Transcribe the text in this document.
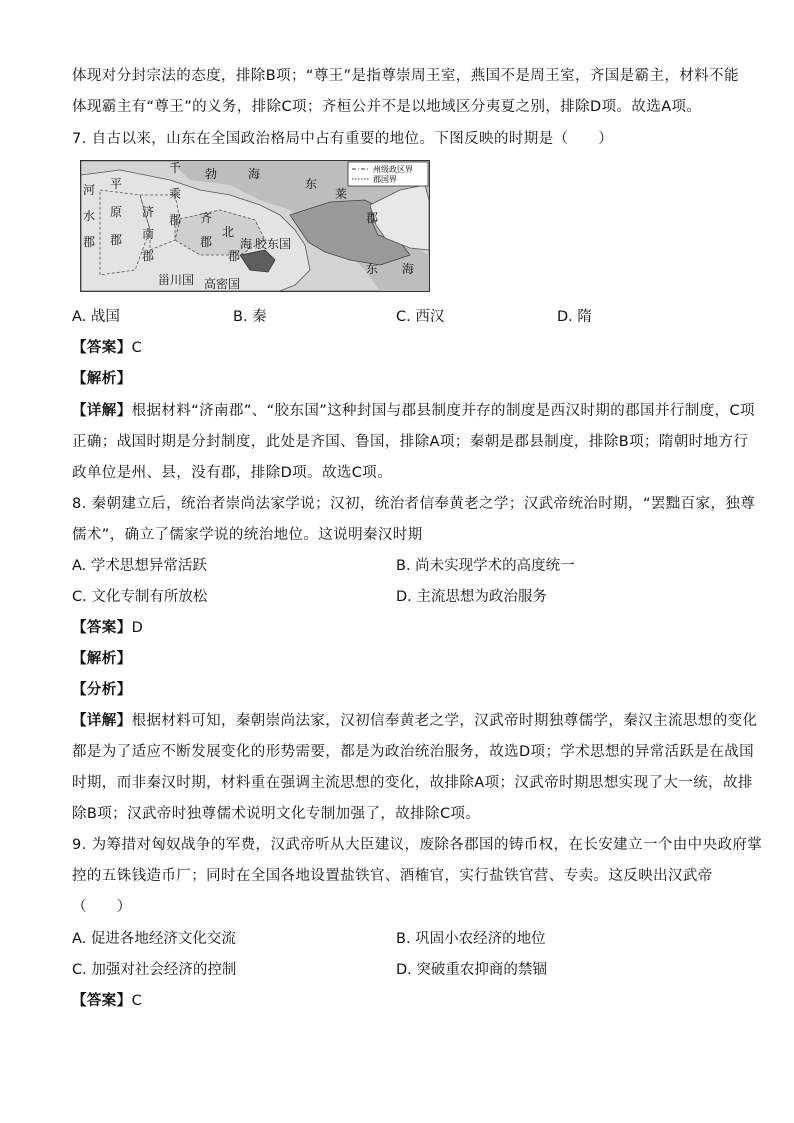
体现对分封宗法的态度，排除B项；“尊王”是指尊崇周王室，燕国不是周王室，齐国是霸主，材料不能
体现霸主有“尊王”的义务，排除C项；齐桓公并不是以地域区分夷夏之别，排除D项。故选A项。
7. 自古以来，山东在全国政治格局中占有重要的地位。下图反映的时期是（　　）
州级政区界
郡国界
河
水
郡
平
原
郡
千
乘
郡
济
南
郡
齐
郡
北
海
郡
勃	海
东
莱
郡
胶东国
甾川国 高密国
东 海
A. 战国	B. 秦	C. 西汉	D. 隋
【答案】C
【解析】
【详解】根据材料“济南郡”、“胶东国”这种封国与郡县制度并存的制度是西汉时期的郡国并行制度，C项
正确；战国时期是分封制度，此处是齐国、鲁国，排除A项；秦朝是郡县制度，排除B项；隋朝时地方行
政单位是州、县，没有郡，排除D项。故选C项。
8. 秦朝建立后，统治者崇尚法家学说；汉初，统治者信奉黄老之学；汉武帝统治时期，“罢黜百家，独尊
儒术”，确立了儒家学说的统治地位。这说明秦汉时期
A. 学术思想异常活跃	B. 尚未实现学术的高度统一
C. 文化专制有所放松	D. 主流思想为政治服务
【答案】D
【解析】
【分析】
【详解】根据材料可知，秦朝崇尚法家，汉初信奉黄老之学，汉武帝时期独尊儒学，秦汉主流思想的变化
都是为了适应不断发展变化的形势需要，都是为政治统治服务，故选D项；学术思想的异常活跃是在战国
时期，而非秦汉时期，材料重在强调主流思想的变化，故排除A项；汉武帝时期思想实现了大一统，故排
除B项；汉武帝时独尊儒术说明文化专制加强了，故排除C项。
9. 为筹措对匈奴战争的军费，汉武帝听从大臣建议，废除各郡国的铸币权，在长安建立一个由中央政府掌
控的五铢钱造币厂；同时在全国各地设置盐铁官、酒榷官，实行盐铁官营、专卖。这反映出汉武帝
（　　）
A. 促进各地经济文化交流	B. 巩固小农经济的地位
C. 加强对社会经济的控制	D. 突破重农抑商的禁锢
【答案】C
